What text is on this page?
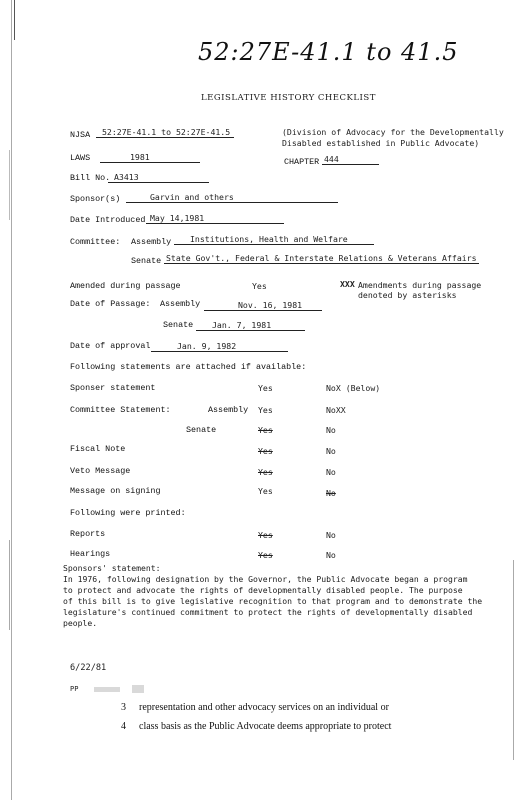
52:27E-41.1 to 41.5
LEGISLATIVE HISTORY CHECKLIST
NJSA	52:27E-41.1 to 52:27E-41.5	(Division of Advocacy for the Developmentally
Disabled established in Public Advocate)
LAWS	1981	CHAPTER 444
Bill No. A3413
Sponsor(s)	Garvin and others
Date Introduced May 14,1981
Committee: Assembly	Institutions, Health and Welfare
Senate State Gov't., Federal & Interstate Relations & Veterans Affairs
Amended during passage	Yes	XXX Amendments during passage
denoted by asterisks
Date of Passage: Assembly	Nov. 16, 1981
Senate	Jan. 7, 1981
Date of approval	Jan. 9, 1982
Following statements are attached if available:
Sponser statement	Yes	NoX (Below)
Committee Statement:	Assembly Yes	NoXX
Senate	Yes	No
Fiscal Note	Yes	No
Veto Message	Yes	No
Message on signing	Yes	No
Following were printed:
Reports	Yes	No
Hearings	Yes	No
Sponsors' statement:
In 1976, following designation by the Governor, the Public Advocate began a program
to protect and advocate the rights of developmentally disabled people. The purpose
of this bill is to give legislative recognition to that program and to demonstrate the
legislature's continued commitment to protect the rights of developmentally disabled
people.
6/22/81
PP
3 representation and other advocacy services on an individual or
4 class basis as the Public Advocate deems appropriate to protect
